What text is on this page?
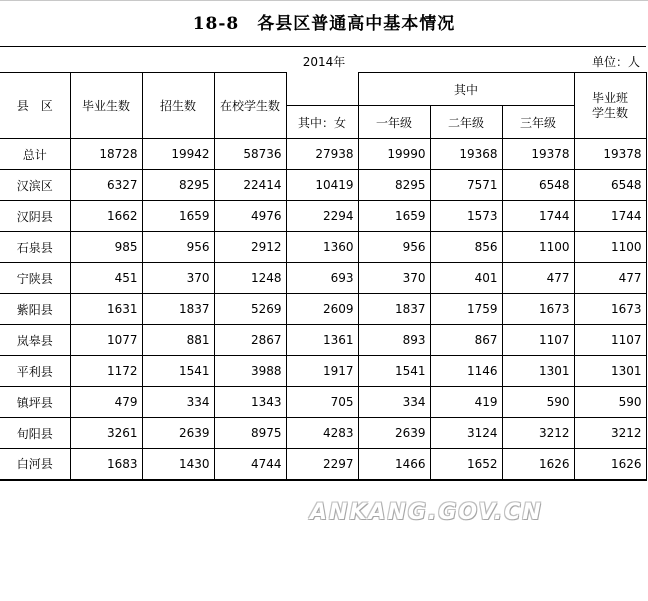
18-8 各县区普通高中基本情况
2014年	单位：人
县　区	毕业生数	招生数	在校学生数		其中			毕业班
学生数

				其中：女	一年级	二年级	三年级	
总计	18728	19942	58736	27938	19990	19368	19378	19378
汉滨区	6327	8295	22414	10419	8295	7571	6548	6548
汉阴县	1662	1659	4976	2294	1659	1573	1744	1744
石泉县	985	956	2912	1360	956	856	1100	1100
宁陕县	451	370	1248	693	370	401	477	477
紫阳县	1631	1837	5269	2609	1837	1759	1673	1673
岚皋县	1077	881	2867	1361	893	867	1107	1107
平利县	1172	1541	3988	1917	1541	1146	1301	1301
镇坪县	479	334	1343	705	334	419	590	590
旬阳县	3261	2639	8975	4283	2639	3124	3212	3212
白河县	1683	1430	4744	2297	1466	1652	1626	1626
ANKANG.GOV.CN
